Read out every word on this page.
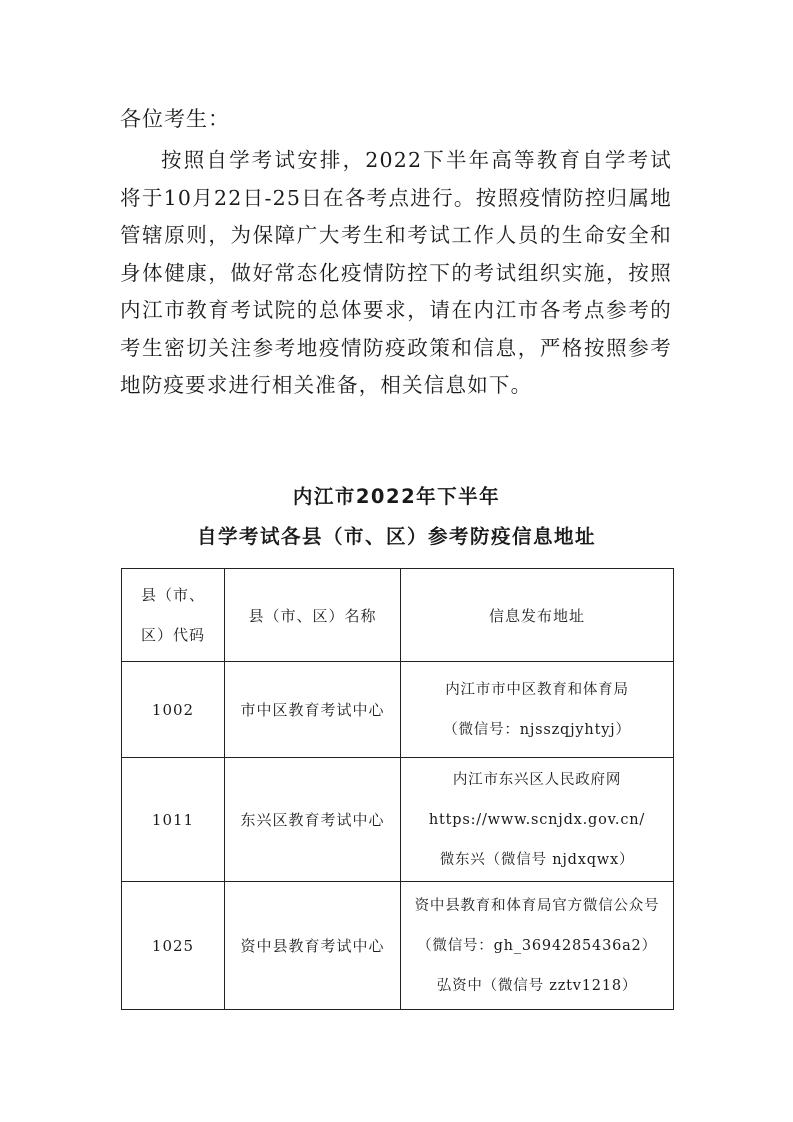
各位考生：

按照自学考试安排，2022下半年高等教育自学考试将于10月22日-25日在各考点进行。按照疫情防控归属地管辖原则，为保障广大考生和考试工作人员的生命安全和身体健康，做好常态化疫情防控下的考试组织实施，按照内江市教育考试院的总体要求，请在内江市各考点参考的考生密切关注参考地疫情防疫政策和信息，严格按照参考地防疫要求进行相关准备，相关信息如下。

内江市2022年下半年

自学考试各县（市、区）参考防疫信息地址

县（市、
区）代码	县（市、区）名称	信息发布地址
1002	市中区教育考试中心	内江市市中区教育和体育局
（微信号：njsszqjyhtyj）

1011	东兴区教育考试中心	内江市东兴区人民政府网
https://www.scnjdx.gov.cn/
微东兴（微信号 njdxqwx）

1025	资中县教育考试中心	资中县教育和体育局官方微信公众号
（微信号：gh_3694285436a2）
弘资中（微信号 zztv1218）
